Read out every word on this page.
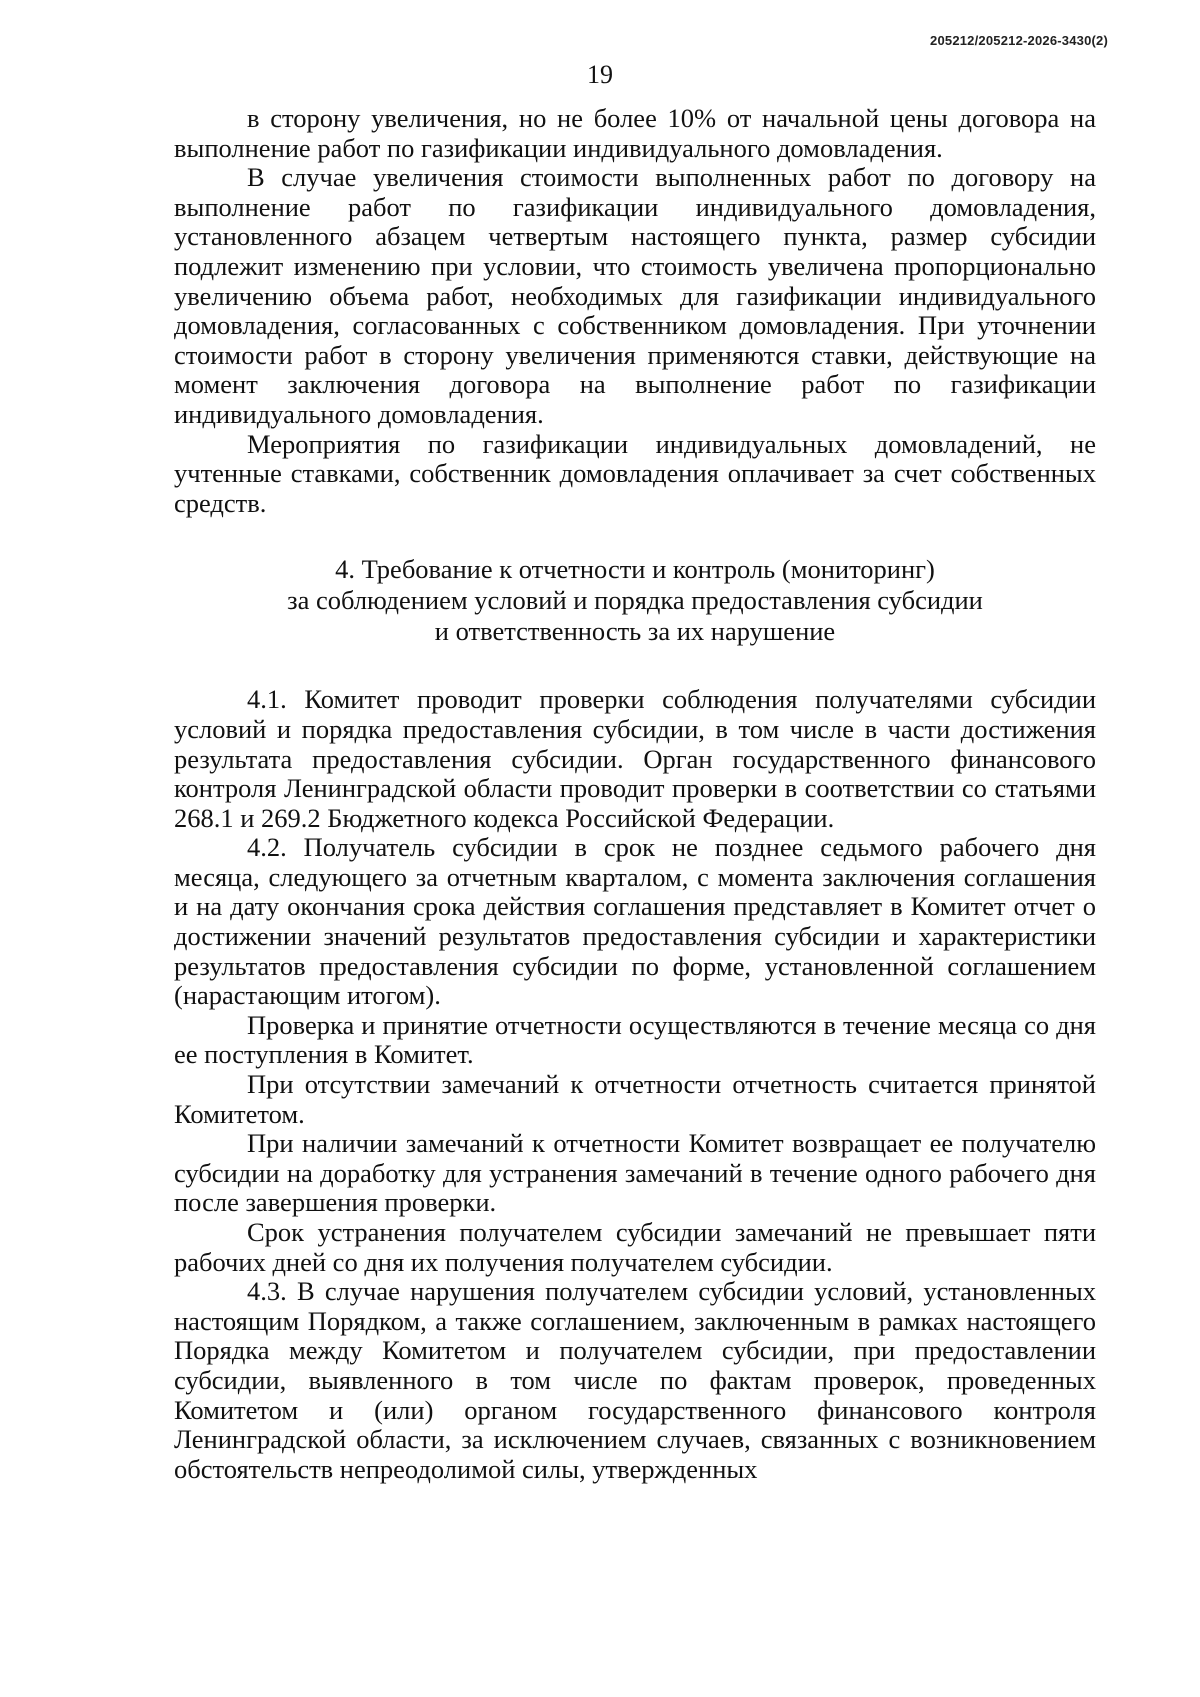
205212/205212-2026-3430(2)
19

в сторону увеличения, но не более 10% от начальной цены договора на выполнение работ по газификации индивидуального домовладения.

В случае увеличения стоимости выполненных работ по договору на выполнение работ по газификации индивидуального домовладения, установленного абзацем четвертым настоящего пункта, размер субсидии подлежит изменению при условии, что стоимость увеличена пропорционально увеличению объема работ, необходимых для газификации индивидуального домовладения, согласованных с собственником домовладения. При уточнении стоимости работ в сторону увеличения применяются ставки, действующие на момент заключения договора на выполнение работ по газификации индивидуального домовладения.

Мероприятия по газификации индивидуальных домовладений, не учтенные ставками, собственник домовладения оплачивает за счет собственных средств.

4. Требование к отчетности и контроль (мониторинг)
за соблюдением условий и порядка предоставления субсидии
и ответственность за их нарушение

4.1. Комитет проводит проверки соблюдения получателями субсидии условий и порядка предоставления субсидии, в том числе в части достижения результата предоставления субсидии. Орган государственного финансового контроля Ленинградской области проводит проверки в соответствии со статьями 268.1 и 269.2 Бюджетного кодекса Российской Федерации.

4.2. Получатель субсидии в срок не позднее седьмого рабочего дня месяца, следующего за отчетным кварталом, с момента заключения соглашения и на дату окончания срока действия соглашения представляет в Комитет отчет о достижении значений результатов предоставления субсидии и характеристики результатов предоставления субсидии по форме, установленной соглашением (нарастающим итогом).

Проверка и принятие отчетности осуществляются в течение месяца со дня ее поступления в Комитет.

При отсутствии замечаний к отчетности отчетность считается принятой Комитетом.

При наличии замечаний к отчетности Комитет возвращает ее получателю субсидии на доработку для устранения замечаний в течение одного рабочего дня после завершения проверки.

Срок устранения получателем субсидии замечаний не превышает пяти рабочих дней со дня их получения получателем субсидии.

4.3. В случае нарушения получателем субсидии условий, установленных настоящим Порядком, а также соглашением, заключенным в рамках настоящего Порядка между Комитетом и получателем субсидии, при предоставлении субсидии, выявленного в том числе по фактам проверок, проведенных Комитетом и (или) органом государственного финансового контроля Ленинградской области, за исключением случаев, связанных с возникновением обстоятельств непреодолимой силы, утвержденных
